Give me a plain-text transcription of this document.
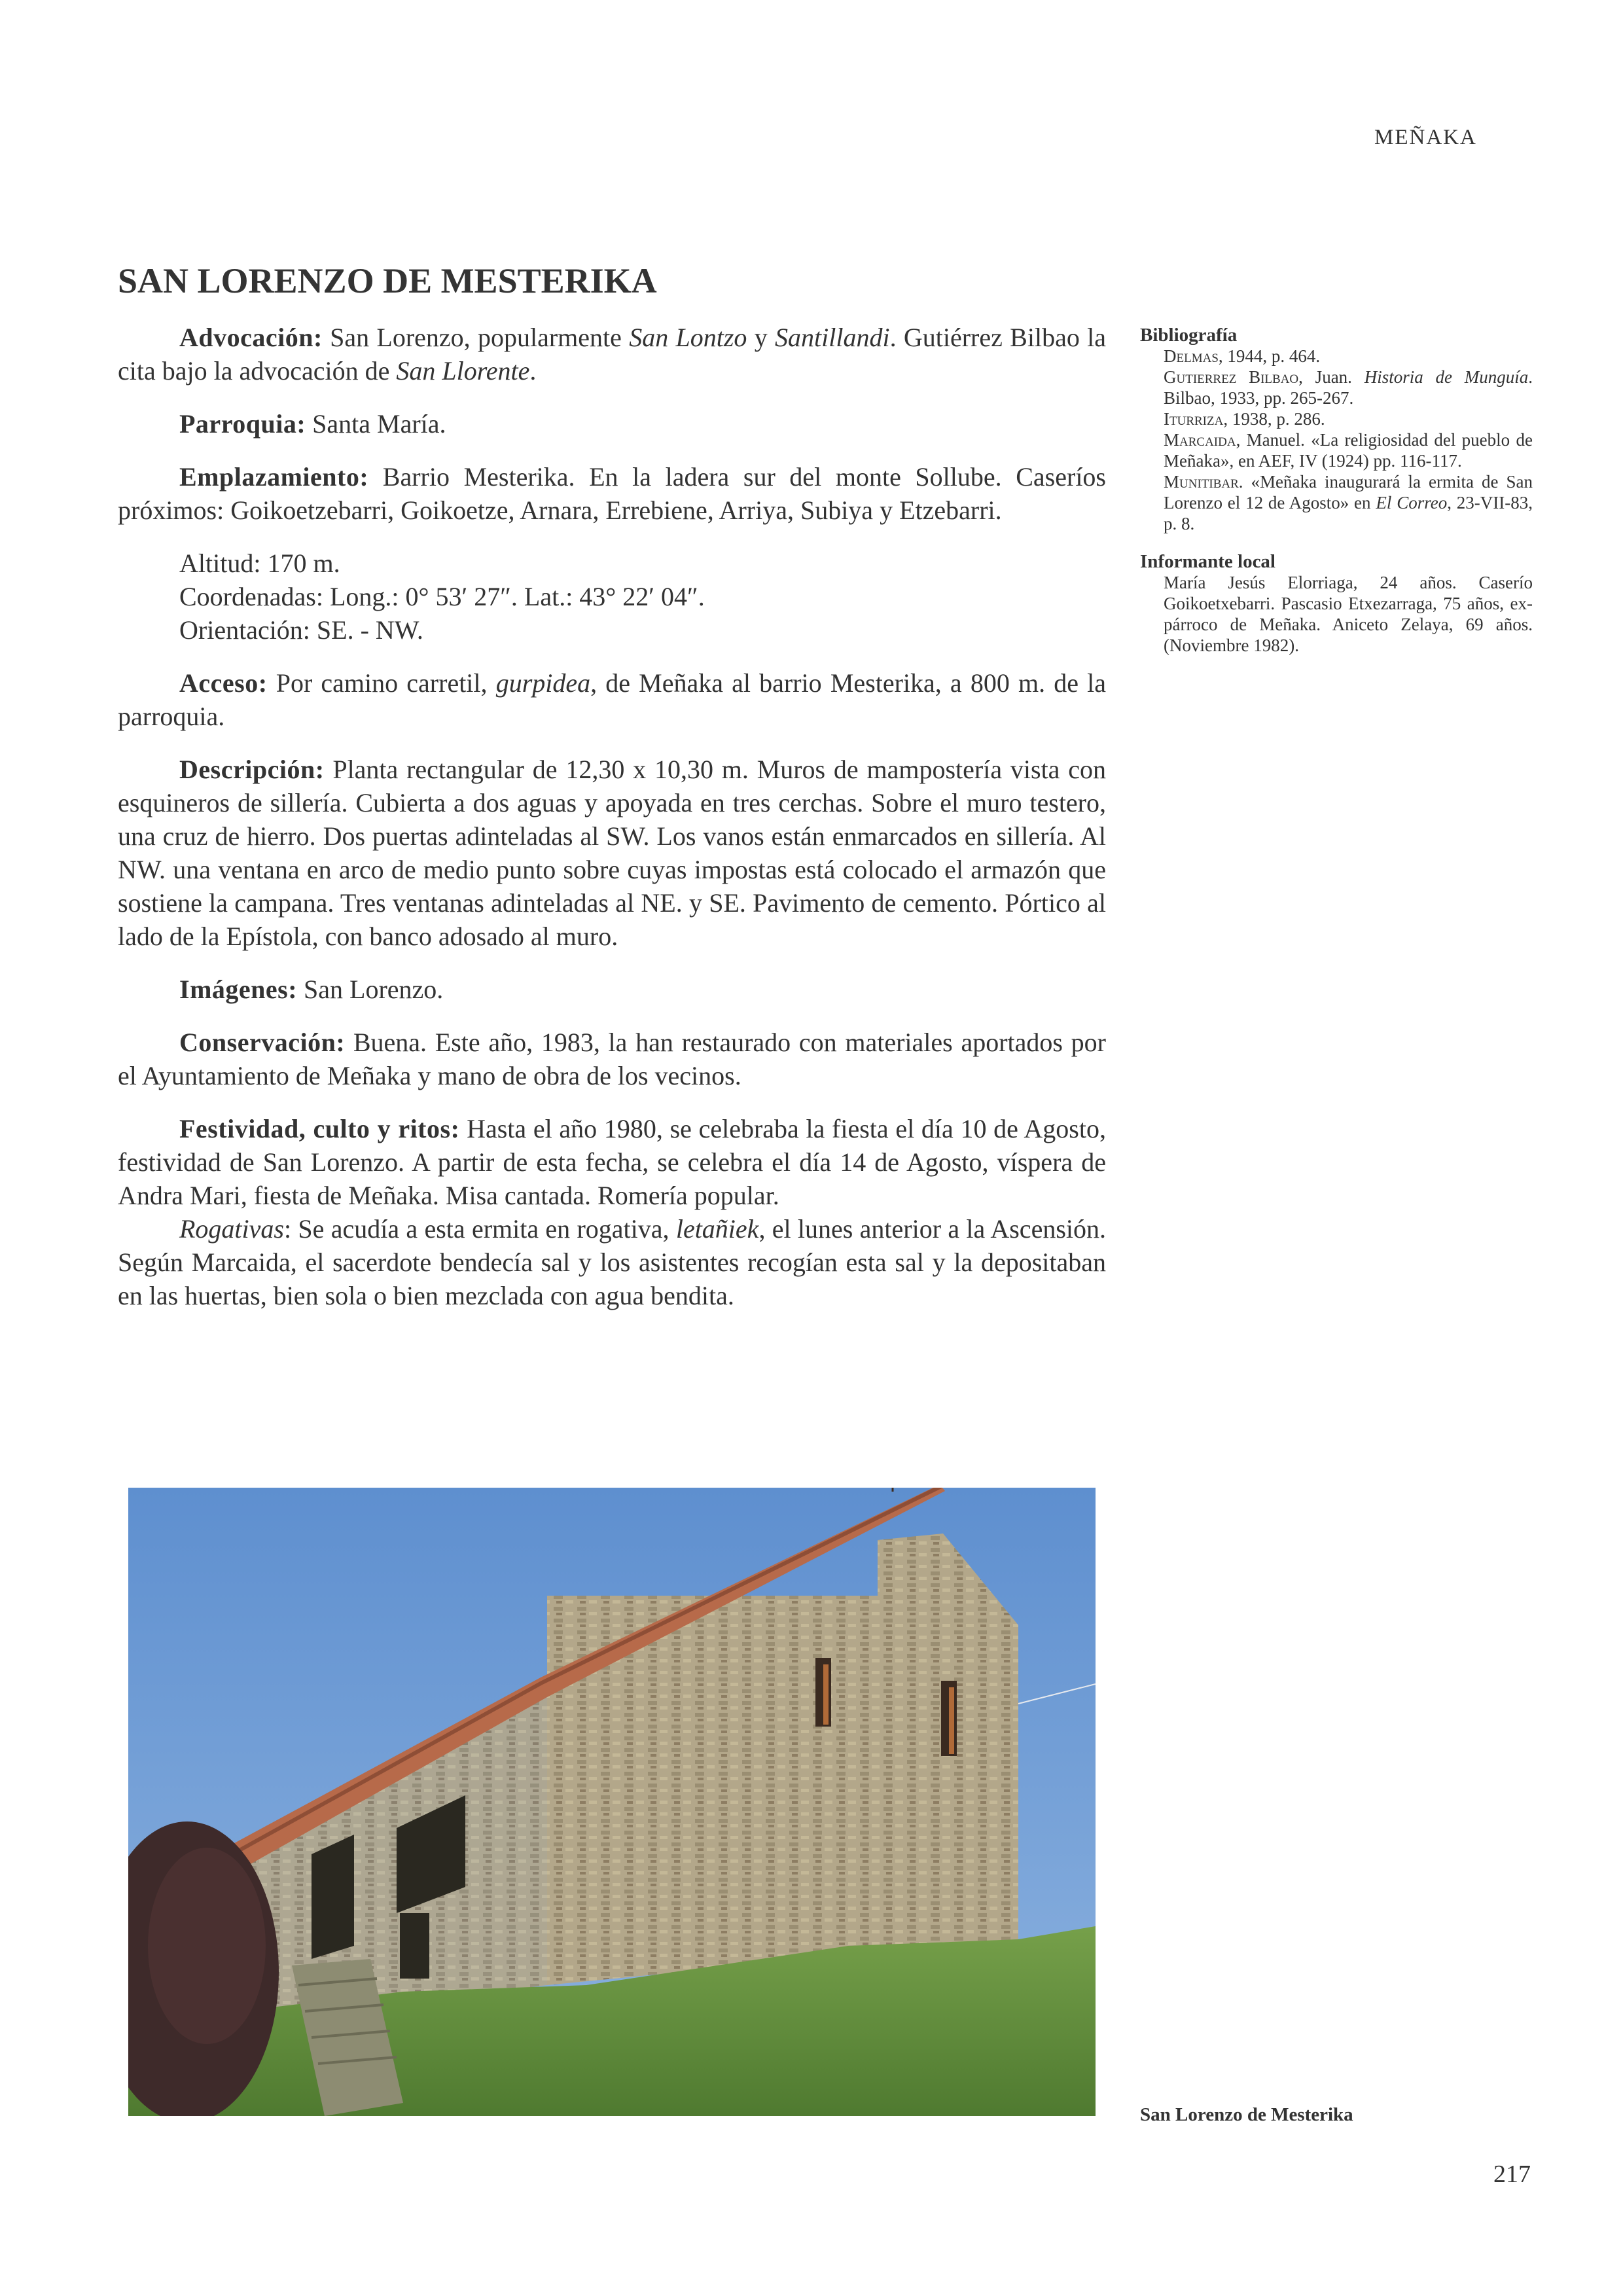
MEÑAKA
SAN LORENZO DE MESTERIKA

Advocación: San Lorenzo, popularmente San Lontzo y Santillandi. Gutiérrez Bilbao la cita bajo la advocación de San Llorente.

Parroquia: Santa María.

Emplazamiento: Barrio Mesterika. En la ladera sur del monte Sollube. Caseríos próximos: Goikoetzebarri, Goikoetze, Arnara, Errebiene, Arriya, Subiya y Etzebarri.

Altitud: 170 m.
Coordenadas: Long.: 0° 53′ 27″. Lat.: 43° 22′ 04″.
Orientación: SE. - NW.

Acceso: Por camino carretil, gurpidea, de Meñaka al barrio Mesterika, a 800 m. de la parroquia.

Descripción: Planta rectangular de 12,30 x 10,30 m. Muros de mampostería vista con esquineros de sillería. Cubierta a dos aguas y apoyada en tres cerchas. Sobre el muro testero, una cruz de hierro. Dos puertas adinteladas al SW. Los vanos están enmarcados en sillería. Al NW. una ventana en arco de medio punto sobre cuyas impostas está colocado el armazón que sostiene la campana. Tres ventanas adinteladas al NE. y SE. Pavimento de cemento. Pórtico al lado de la Epístola, con banco adosado al muro.

Imágenes: San Lorenzo.

Conservación: Buena. Este año, 1983, la han restaurado con materiales aportados por el Ayuntamiento de Meñaka y mano de obra de los vecinos.

Festividad, culto y ritos: Hasta el año 1980, se celebraba la fiesta el día 10 de Agosto, festividad de San Lorenzo. A partir de esta fecha, se celebra el día 14 de Agosto, víspera de Andra Mari, fiesta de Meñaka. Misa cantada. Romería popular.

Rogativas: Se acudía a esta ermita en rogativa, letañiek, el lunes anterior a la Ascensión. Según Marcaida, el sacerdote bendecía sal y los asistentes recogían esta sal y la depositaban en las huertas, bien sola o bien mezclada con agua bendita.

Bibliografía

Delmas, 1944, p. 464.

Gutierrez Bilbao, Juan. Historia de Munguía. Bilbao, 1933, pp. 265-267.

Iturriza, 1938, p. 286.

Marcaida, Manuel. «La religiosidad del pueblo de Meñaka», en AEF, IV (1924) pp. 116-117.

Munitibar. «Meñaka inaugurará la ermita de San Lorenzo el 12 de Agosto» en El Correo, 23-VII-83, p. 8.

Informante local
María Jesús Elorriaga, 24 años. Caserío Goikoetxebarri. Pascasio Etxezarraga, 75 años, ex-párroco de Meñaka. Aniceto Zelaya, 69 años. (Noviembre 1982).
San Lorenzo de Mesterika
217
